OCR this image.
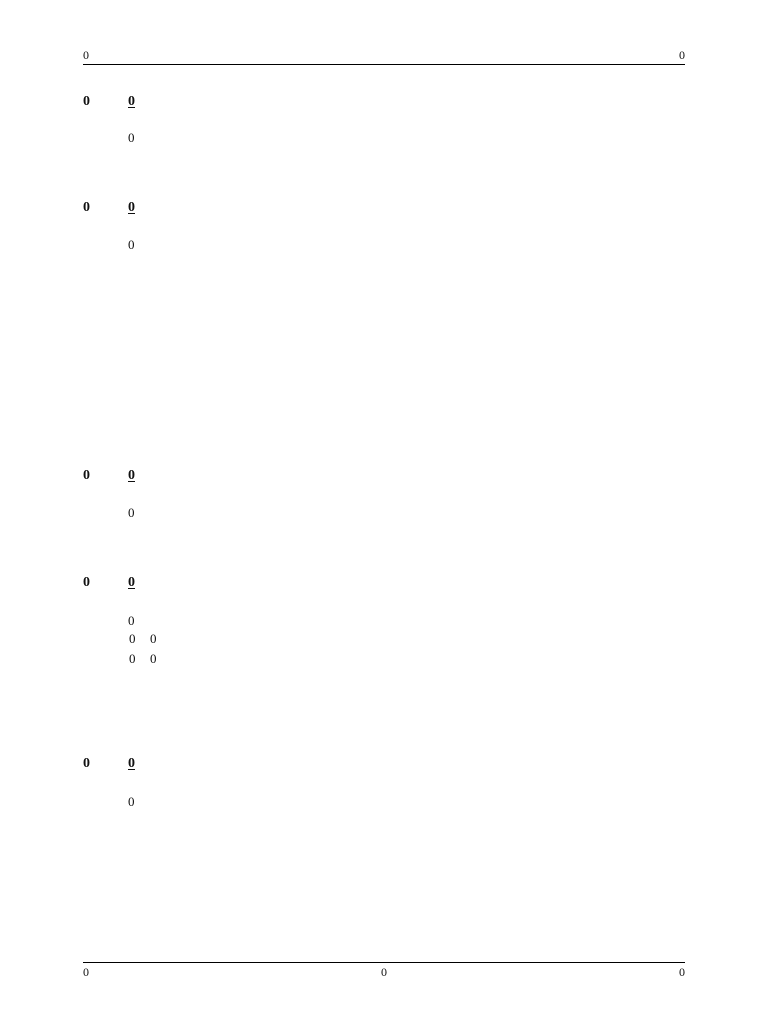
0	0
0	0
0
0	0
0
0	0
0
0	0
0
0 0
0 0
0	0
0
0	0	0
